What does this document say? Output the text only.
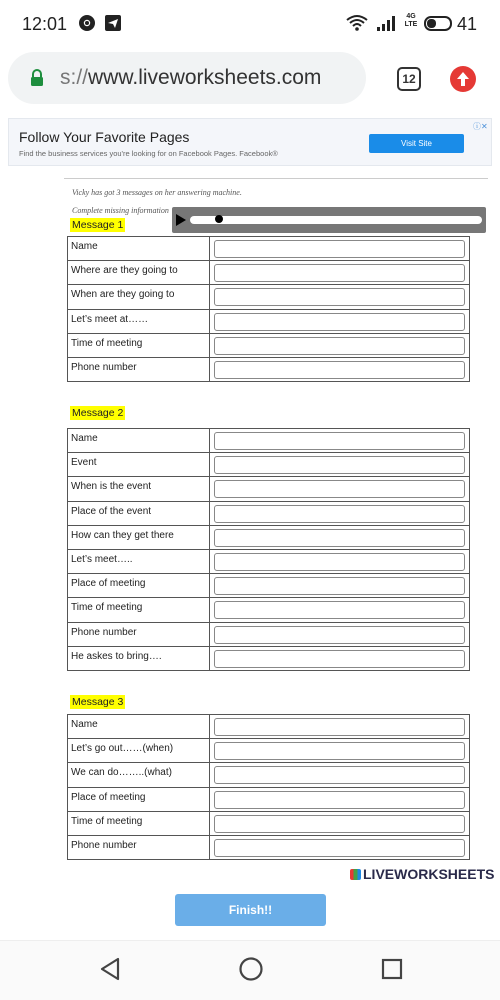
12:01	4G LTE 41
s://www.liveworksheets.com	12
Follow Your Favorite Pages
Find the business services you're looking for on Facebook Pages. Facebook®
Visit Site
ⓘ✕
Vicky has got 3 messages on her answering machine.
Complete missing information
Message 1
Name
Where are they going to
When are they going to
Let’s meet at……
Time of meeting
Phone number
Message 2
Name
Event
When is the event
Place of the event
How can they get there
Let’s meet…..
Place of meeting
Time of meeting
Phone number
He askes to bring….
Message 3
Name
Let’s go out……(when)
We can do……..(what)
Place of meeting
Time of meeting
Phone number
LIVEWORKSHEETS
Finish!!
